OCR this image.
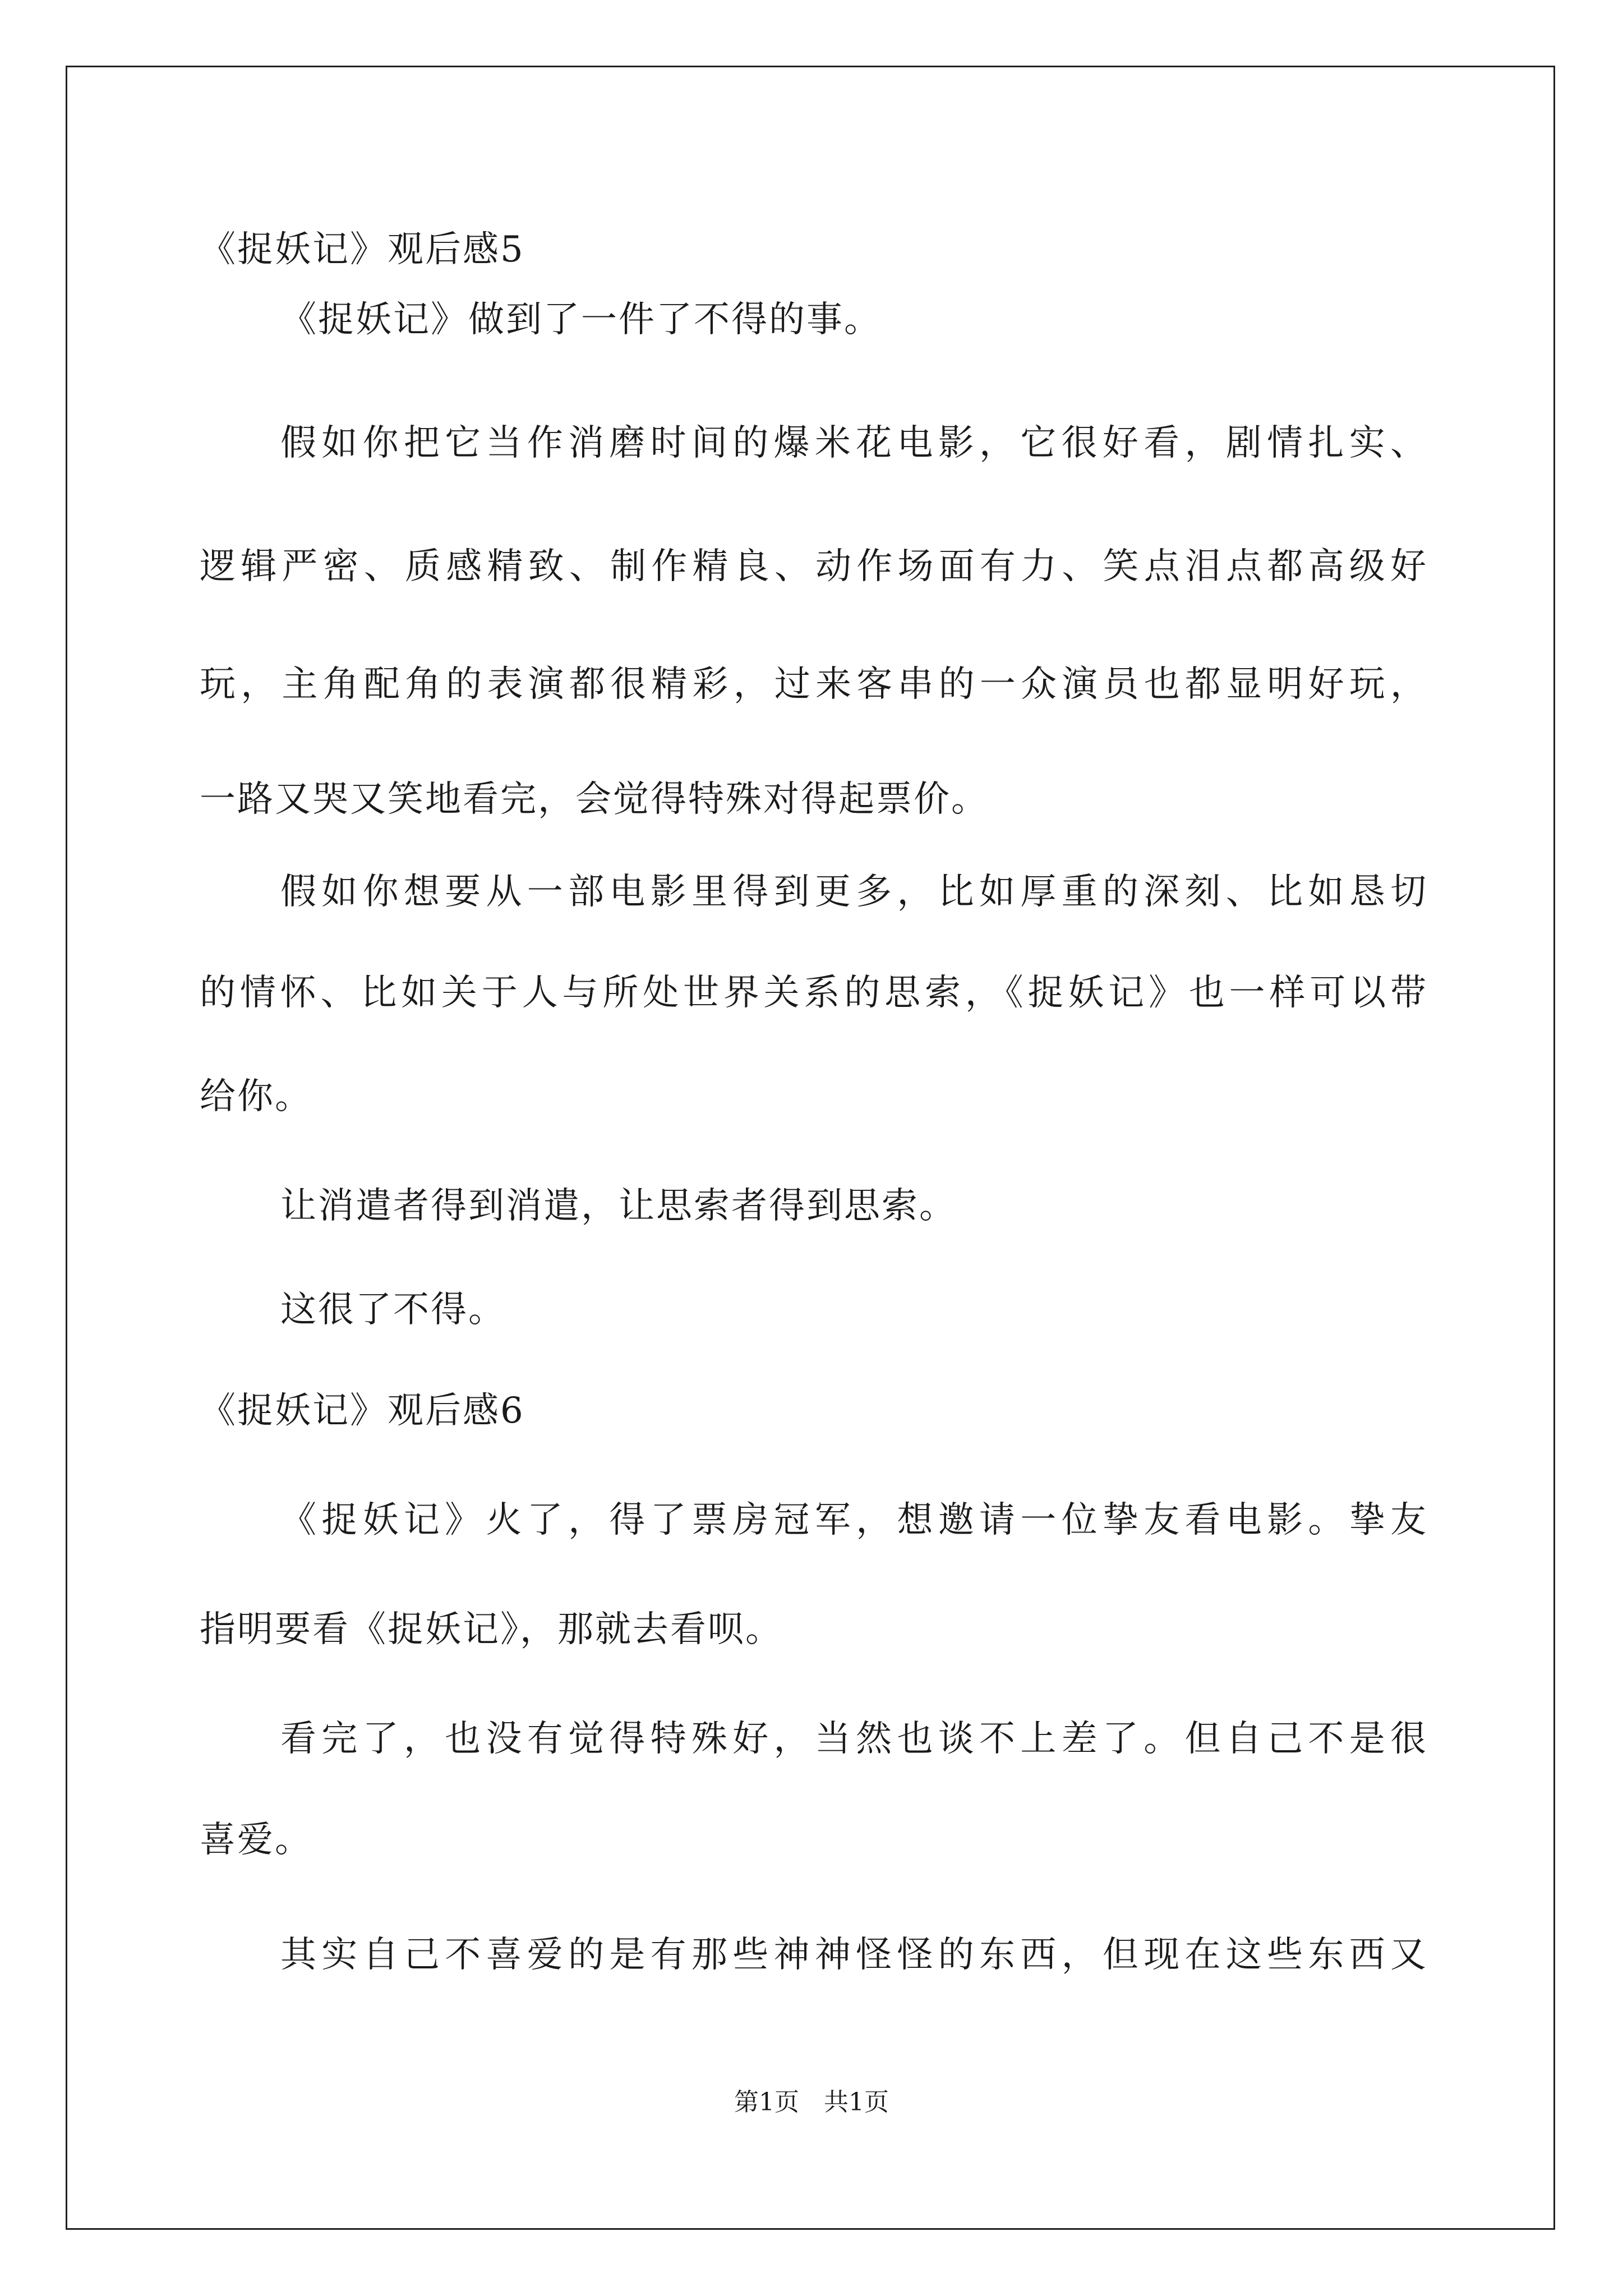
《捉妖记》观后感5
《捉妖记》做到了一件了不得的事。
假如你把它当作消磨时间的爆米花电影，它很好看，剧情扎实、
逻辑严密、质感精致、制作精良、动作场面有力、笑点泪点都高级好
玩，主角配角的表演都很精彩，过来客串的一众演员也都显明好玩，
一路又哭又笑地看完，会觉得特殊对得起票价。
假如你想要从一部电影里得到更多，比如厚重的深刻、比如恳切
的情怀、比如关于人与所处世界关系的思索，《捉妖记》也一样可以带
给你。
让消遣者得到消遣，让思索者得到思索。
这很了不得。
《捉妖记》观后感6
《捉妖记》火了，得了票房冠军，想邀请一位挚友看电影。挚友
指明要看《捉妖记》，那就去看呗。
看完了，也没有觉得特殊好，当然也谈不上差了。但自己不是很
喜爱。
其实自己不喜爱的是有那些神神怪怪的东西，但现在这些东西又
第1页　共1页
